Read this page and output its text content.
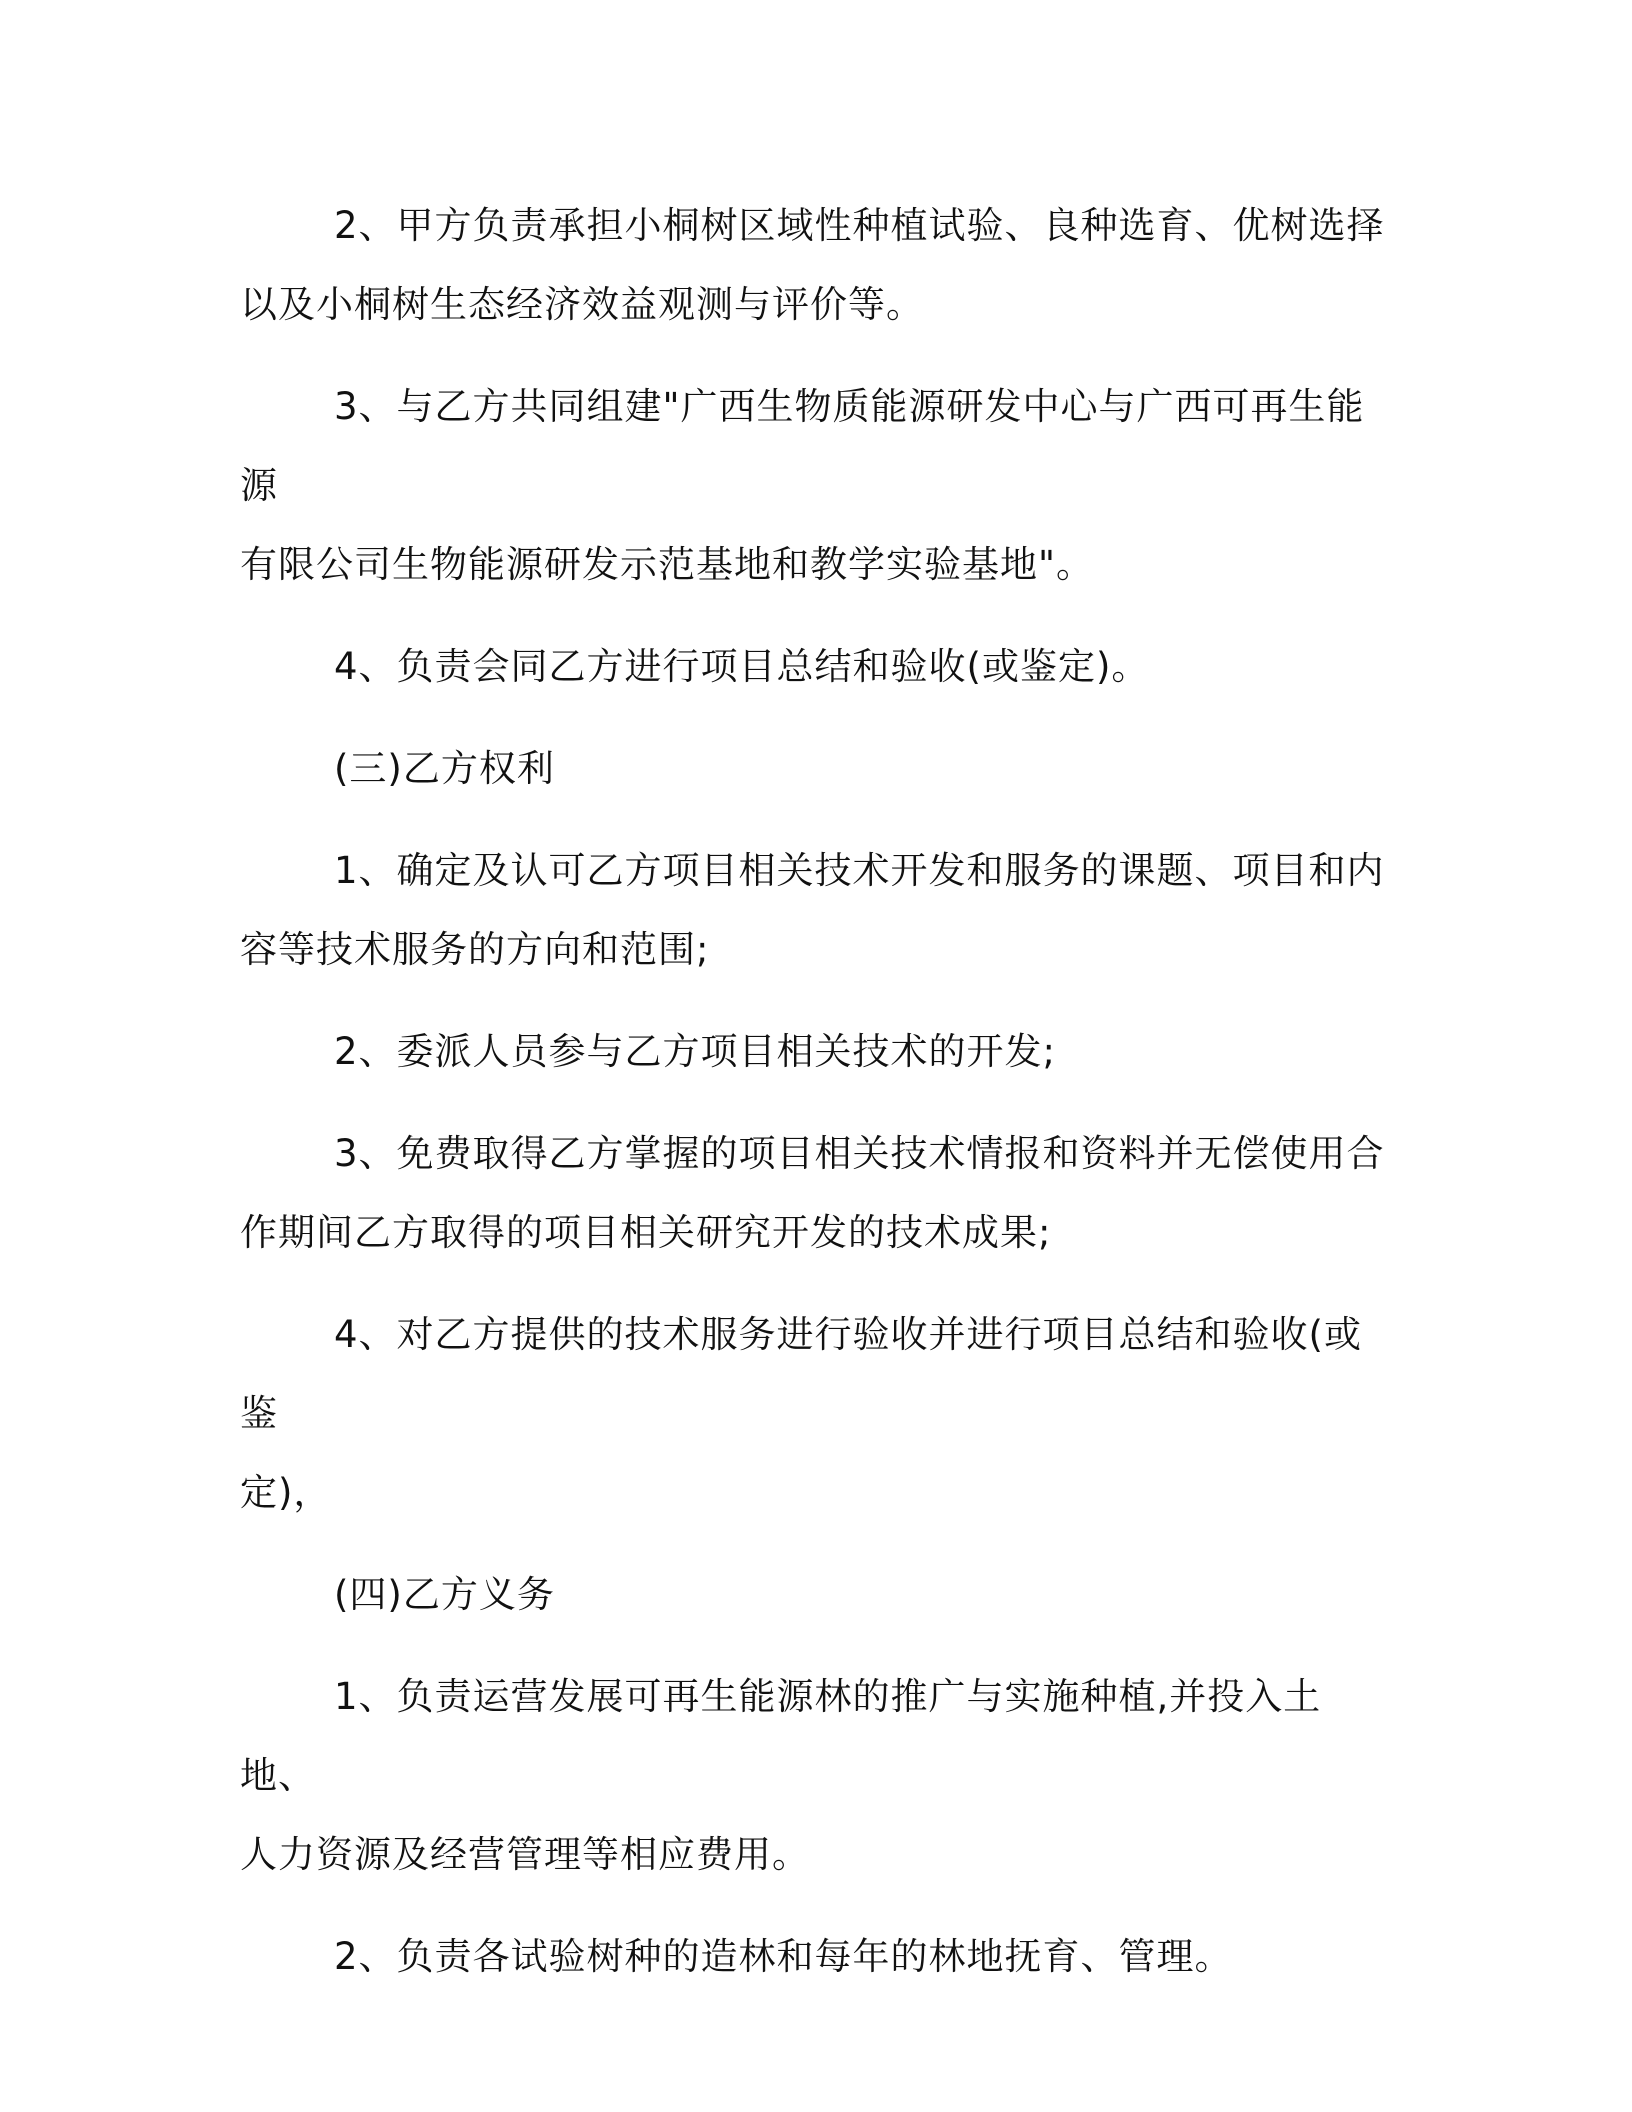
2、甲方负责承担小桐树区域性种植试验、良种选育、优树选择
以及小桐树生态经济效益观测与评价等。

3、与乙方共同组建"广西生物质能源研发中心与广西可再生能源
有限公司生物能源研发示范基地和教学实验基地"。

4、负责会同乙方进行项目总结和验收(或鉴定)。

(三)乙方权利

1、确定及认可乙方项目相关技术开发和服务的课题、项目和内
容等技术服务的方向和范围;

2、委派人员参与乙方项目相关技术的开发;

3、免费取得乙方掌握的项目相关技术情报和资料并无偿使用合
作期间乙方取得的项目相关研究开发的技术成果;

4、对乙方提供的技术服务进行验收并进行项目总结和验收(或鉴
定)，

(四)乙方义务

1、负责运营发展可再生能源林的推广与实施种植,并投入土地、
人力资源及经营管理等相应费用。

2、负责各试验树种的造林和每年的林地抚育、管理。
